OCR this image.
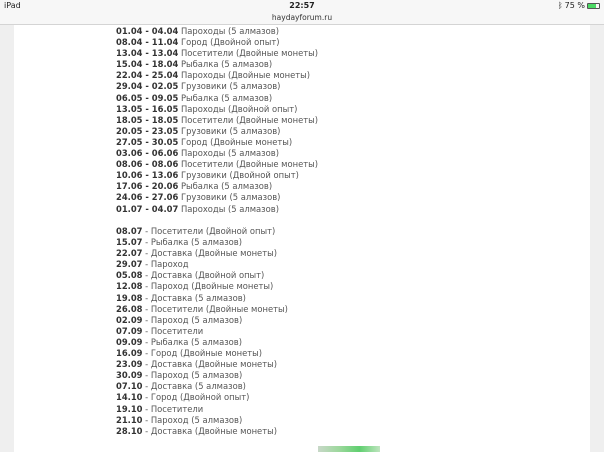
iPad	22:57	ᛒ 75 %
haydayforum.ru
01.04 - 04.04 Пароходы (5 алмазов)
08.04 - 11.04 Город (Двойной опыт)
13.04 - 13.04 Посетители (Двойные монеты)
15.04 - 18.04 Рыбалка (5 алмазов)
22.04 - 25.04 Пароходы (Двойные монеты)
29.04 - 02.05 Грузовики (5 алмазов)
06.05 - 09.05 Рыбалка (5 алмазов)
13.05 - 16.05 Пароходы (Двойной опыт)
18.05 - 18.05 Посетители (Двойные монеты)
20.05 - 23.05 Грузовики (5 алмазов)
27.05 - 30.05 Город (Двойные монеты)
03.06 - 06.06 Пароходы (5 алмазов)
08.06 - 08.06 Посетители (Двойные монеты)
10.06 - 13.06 Грузовики (Двойной опыт)
17.06 - 20.06 Рыбалка (5 алмазов)
24.06 - 27.06 Грузовики (5 алмазов)
01.07 - 04.07 Пароходы (5 алмазов)
08.07 - Посетители (Двойной опыт)
15.07 - Рыбалка (5 алмазов)
22.07 - Доставка (Двойные монеты)
29.07 - Пароход
05.08 - Доставка (Двойной опыт)
12.08 - Пароход (Двойные монеты)
19.08 - Доставка (5 алмазов)
26.08 - Посетители (Двойные монеты)
02.09 - Пароход (5 алмазов)
07.09 - Посетители
09.09 - Рыбалка (5 алмазов)
16.09 - Город (Двойные монеты)
23.09 - Доставка (Двойные монеты)
30.09 - Пароход (5 алмазов)
07.10 - Доставка (5 алмазов)
14.10 - Город (Двойной опыт)
19.10 - Посетители
21.10 - Пароход (5 алмазов)
28.10 - Доставка (Двойные монеты)
